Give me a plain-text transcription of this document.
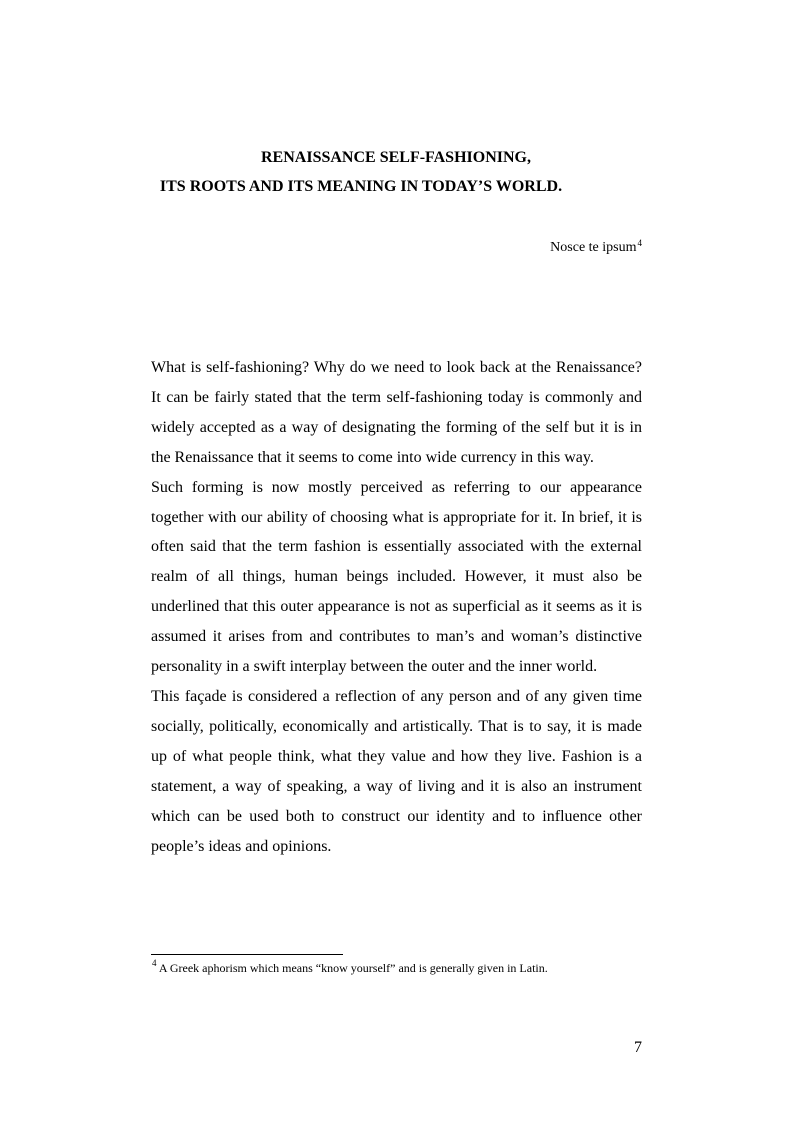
RENAISSANCE SELF-FASHIONING,
ITS ROOTS AND ITS MEANING IN TODAY’S WORLD.
Nosce te ipsum$^4$

What is self-fashioning? Why do we need to look back at the Renaissance? It can be fairly stated that the term self-fashioning today is commonly and widely accepted as a way of designating the forming of the self but it is in the Renaissance that it seems to come into wide currency in this way.

Such forming is now mostly perceived as referring to our appearance together with our ability of choosing what is appropriate for it. In brief, it is often said that the term fashion is essentially associated with the external realm of all things, human beings included. However, it must also be underlined that this outer appearance is not as superficial as it seems as it is assumed it arises from and contributes to man’s and woman’s distinctive personality in a swift interplay between the outer and the inner world.

This façade is considered a reflection of any person and of any given time socially, politically, economically and artistically. That is to say, it is made up of what people think, what they value and how they live. Fashion is a statement, a way of speaking, a way of living and it is also an instrument which can be used both to construct our identity and to influence other people’s ideas and opinions.

$^4$ A Greek aphorism which means “know yourself” and is generally given in Latin.
7
